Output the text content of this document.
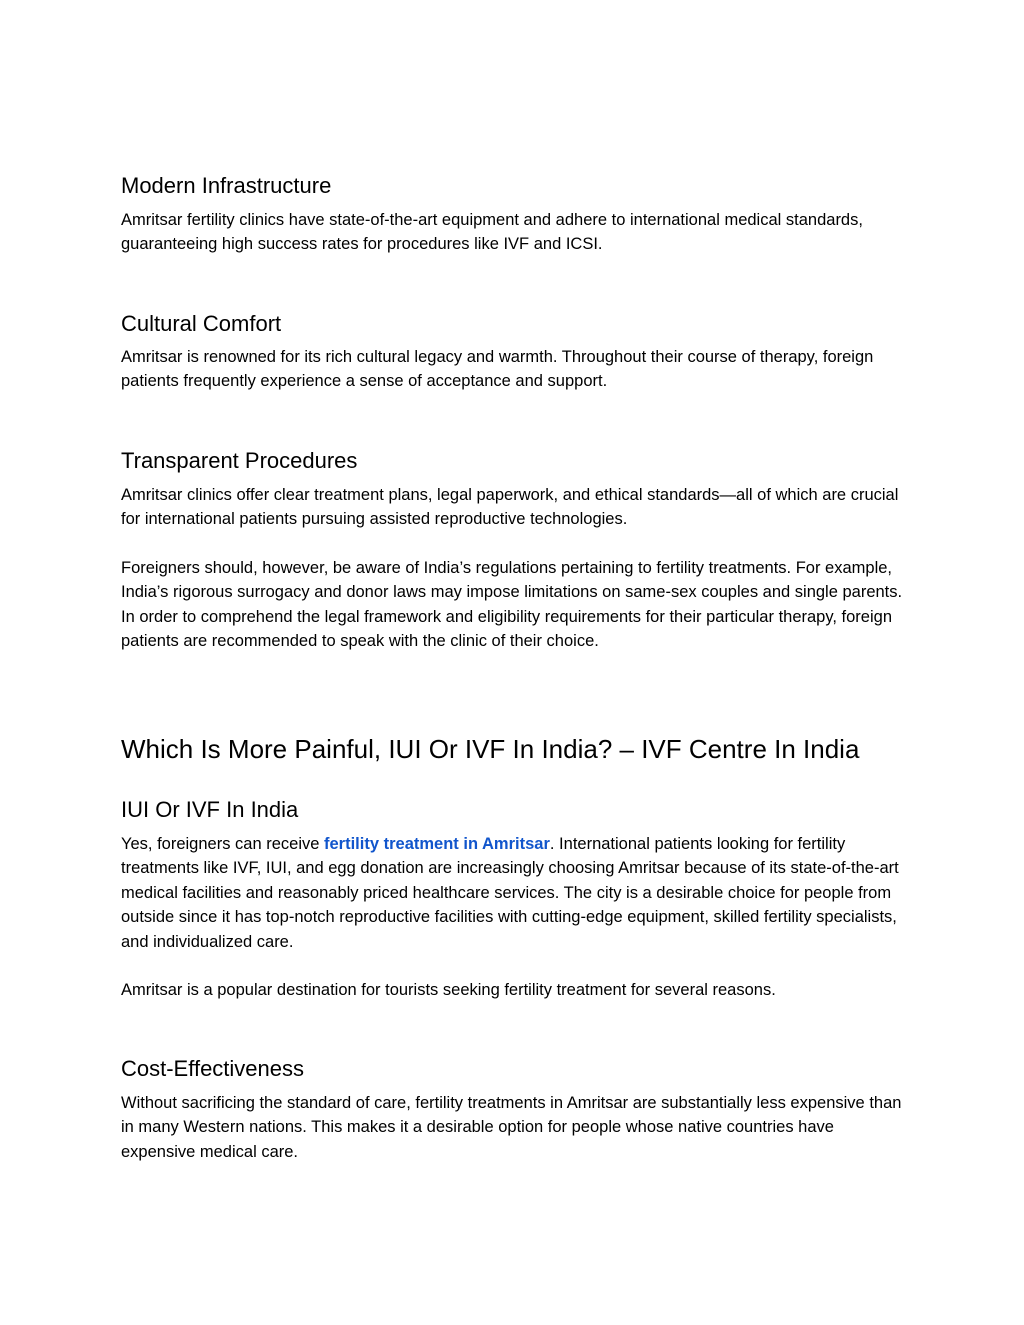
Modern Infrastructure

Amritsar fertility clinics have state-of-the-art equipment and adhere to international medical standards, guaranteeing high success rates for procedures like IVF and ICSI.

Cultural Comfort

Amritsar is renowned for its rich cultural legacy and warmth. Throughout their course of therapy, foreign patients frequently experience a sense of acceptance and support.

Transparent Procedures

Amritsar clinics offer clear treatment plans, legal paperwork, and ethical standards—all of which are crucial for international patients pursuing assisted reproductive technologies.

Foreigners should, however, be aware of India’s regulations pertaining to fertility treatments. For example, India’s rigorous surrogacy and donor laws may impose limitations on same-sex couples and single parents. In order to comprehend the legal framework and eligibility requirements for their particular therapy, foreign patients are recommended to speak with the clinic of their choice.

Which Is More Painful, IUI Or IVF In India? – IVF Centre In India
IUI Or IVF In India

Yes, foreigners can receive fertility treatment in Amritsar. International patients looking for fertility treatments like IVF, IUI, and egg donation are increasingly choosing Amritsar because of its state-of-the-art medical facilities and reasonably priced healthcare services. The city is a desirable choice for people from outside since it has top-notch reproductive facilities with cutting-edge equipment, skilled fertility specialists, and individualized care.

Amritsar is a popular destination for tourists seeking fertility treatment for several reasons.

Cost-Effectiveness

Without sacrificing the standard of care, fertility treatments in Amritsar are substantially less expensive than in many Western nations. This makes it a desirable option for people whose native countries have expensive medical care.
